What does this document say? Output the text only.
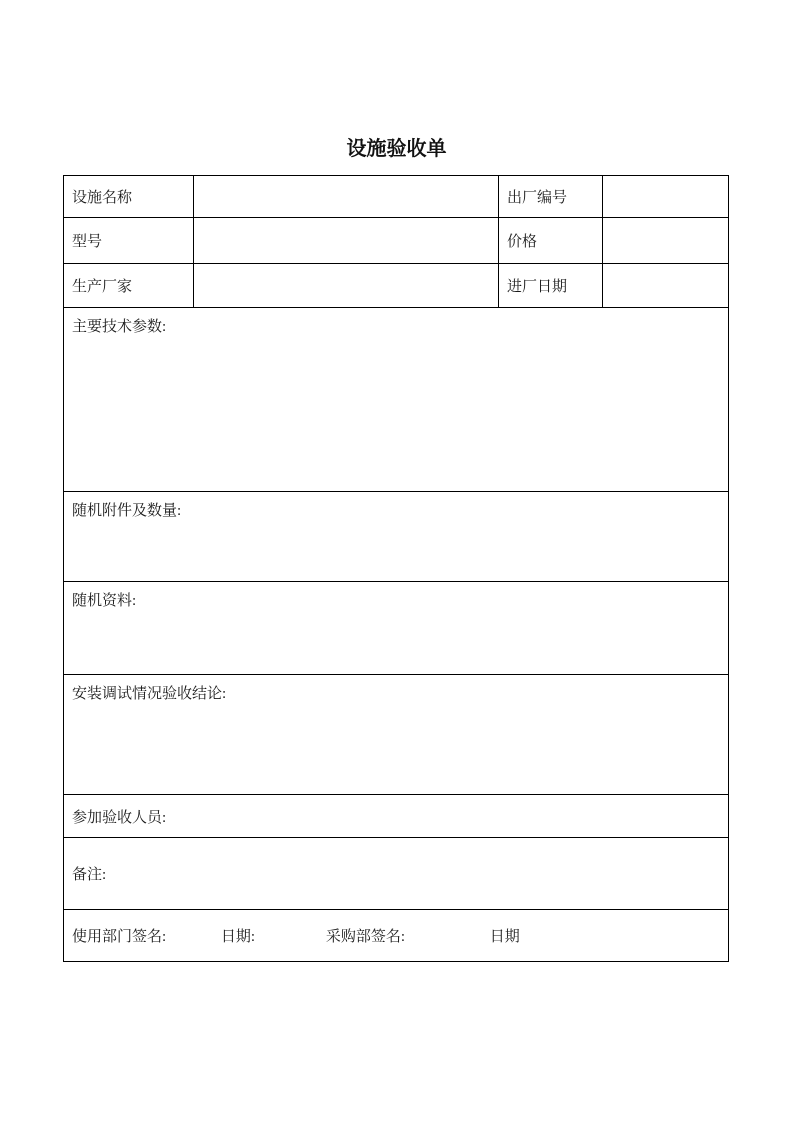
设施验收单
设施名称		出厂编号	
型号		价格	
生产厂家		进厂日期	
主要技术参数:			
随机附件及数量:			
随机资料:			
安装调试情况验收结论:			
参加验收人员:			
备注:			
使用部门签名: 日期: 采购部签名: 日期			
